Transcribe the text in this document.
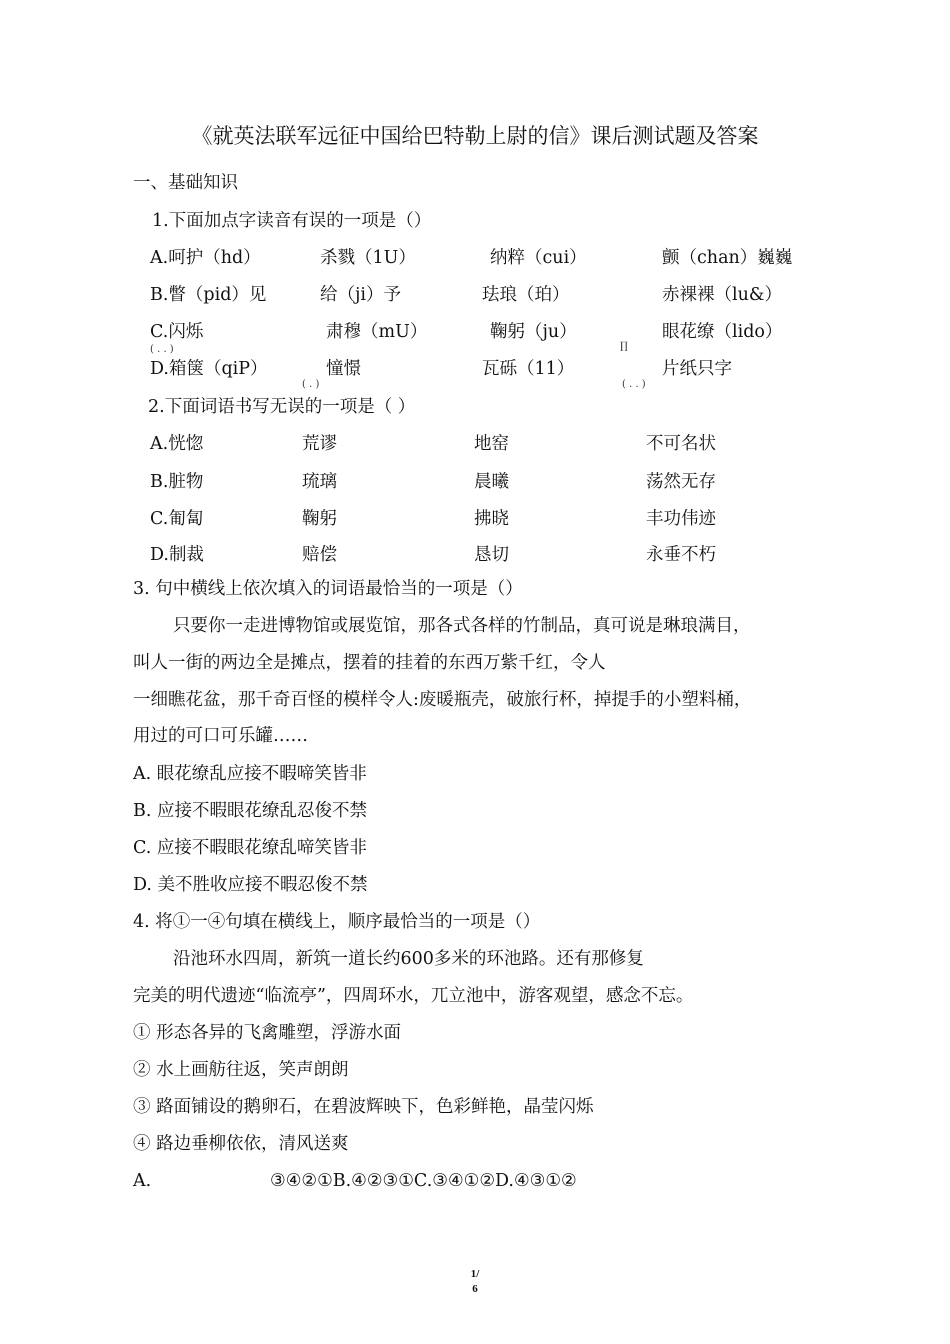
《就英法联军远征中国给巴特勒上尉的信》课后测试题及答案
一、基础知识
1.下面加点字读音有误的一项是（）
A.呵护（hd）	杀戮（1U）	纳粹（cui）	颤（chan）巍巍
B.瞥（pid）见	给（ji）予	珐琅（珀）	赤裸裸（lu&）
C.闪烁	肃穆（mU）	鞠躬（ju）	眼花缭（lido）
( . . )	∏
D.箱箧（qiP）	憧憬	瓦砾（11）	片纸只字
( . )	( . . )
2.下面词语书写无误的一项是（ ）
A.恍惚	荒谬	地窑	不可名状
B.脏物	琉璃	晨曦	荡然无存
C.匍匐	鞠躬	拂晓	丰功伟迹
D.制裁	赔偿	恳切	永垂不朽
3. 句中横线上依次填入的词语最恰当的一项是（）
只要你一走进博物馆或展览馆，那各式各样的竹制品，真可说是琳琅满目，
叫人一街的两边全是摊点，摆着的挂着的东西万紫千红，令人
一细瞧花盆，那千奇百怪的模样令人:废暖瓶壳，破旅行杯，掉提手的小塑料桶，
用过的可口可乐罐……
A. 眼花缭乱应接不暇啼笑皆非
B. 应接不暇眼花缭乱忍俊不禁
C. 应接不暇眼花缭乱啼笑皆非
D. 美不胜收应接不暇忍俊不禁
4. 将①一④句填在横线上，顺序最恰当的一项是（）
沿池环水四周，新筑一道长约600多米的环池路。还有那修复
完美的明代遗迹“临流亭”，四周环水，兀立池中，游客观望，感念不忘。
① 形态各异的飞禽雕塑，浮游水面
② 水上画舫往返，笑声朗朗
③ 路面铺设的鹅卵石，在碧波辉映下，色彩鲜艳，晶莹闪烁
④ 路边垂柳依依，清风送爽
A.	③④②①B.④②③①C.③④①②D.④③①②
1/
6
